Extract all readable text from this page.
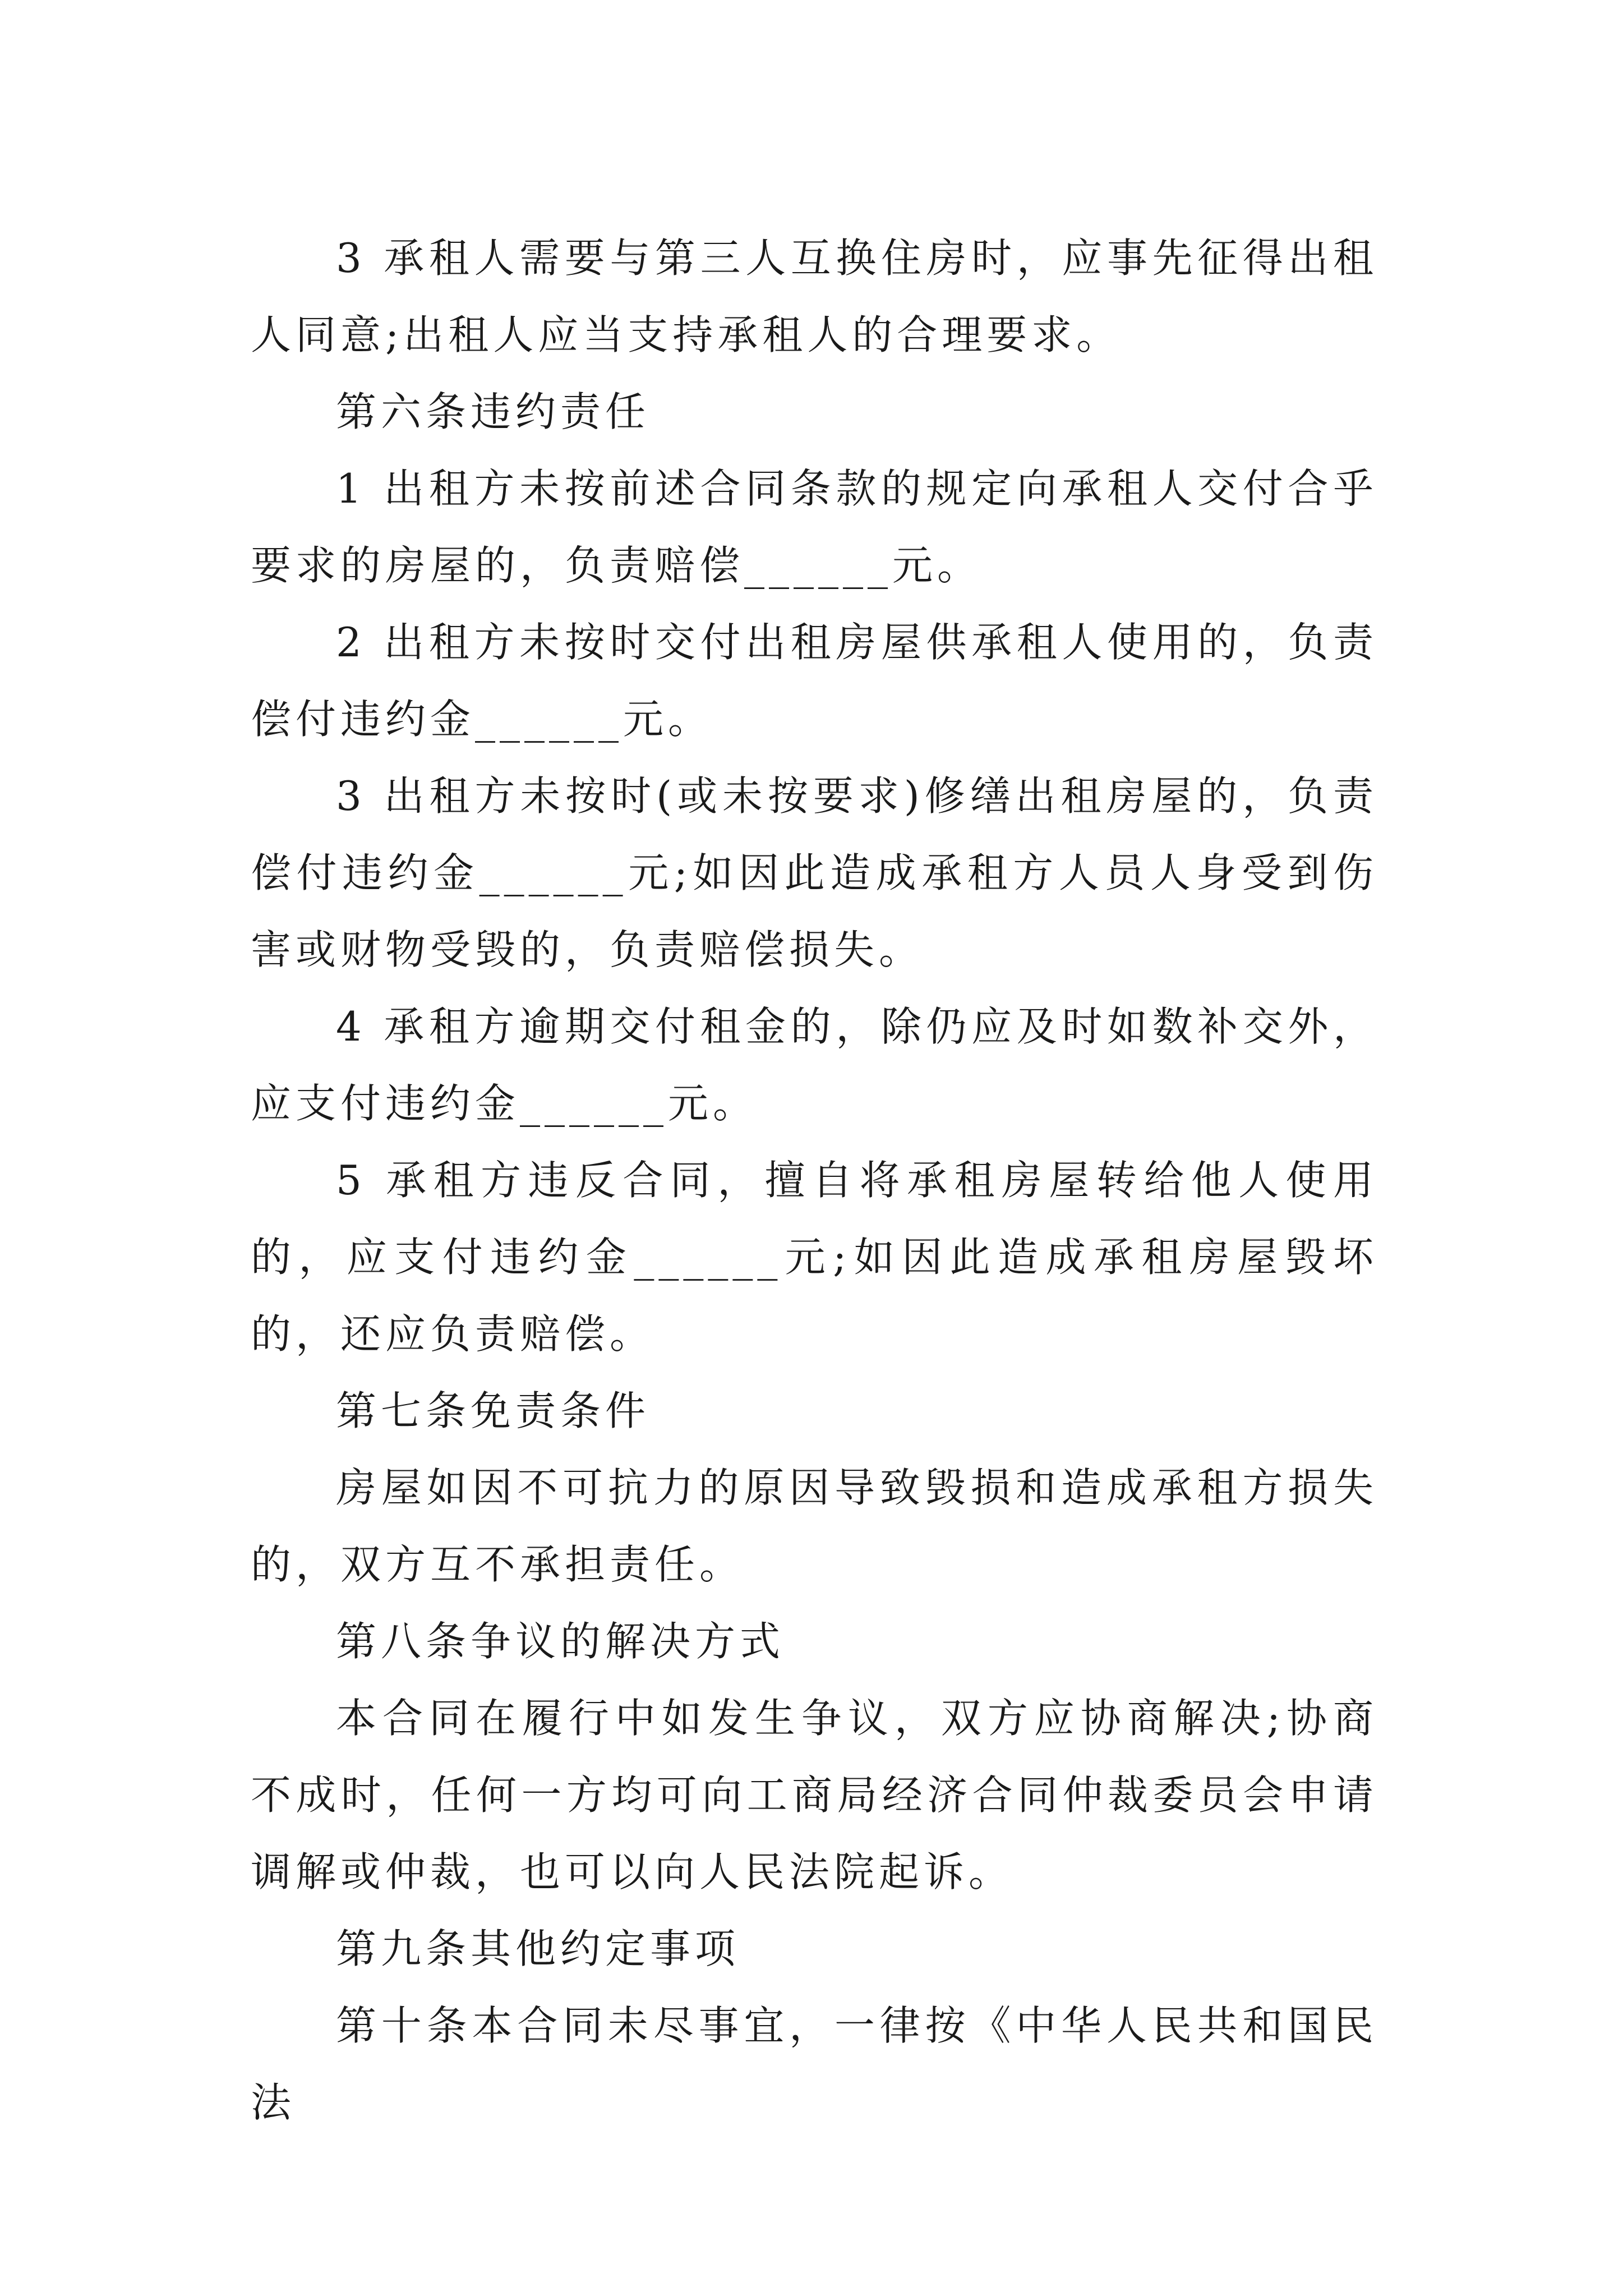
3 承租人需要与第三人互换住房时，应事先征得出租人同意;出租人应当支持承租人的合理要求。

第六条违约责任

1 出租方未按前述合同条款的规定向承租人交付合乎要求的房屋的，负责赔偿______元。

2 出租方未按时交付出租房屋供承租人使用的，负责偿付违约金______元。

3 出租方未按时(或未按要求)修缮出租房屋的，负责偿付违约金______元;如因此造成承租方人员人身受到伤害或财物受毁的，负责赔偿损失。

4 承租方逾期交付租金的，除仍应及时如数补交外，应支付违约金______元。

5 承租方违反合同，擅自将承租房屋转给他人使用的，应支付违约金______元;如因此造成承租房屋毁坏的，还应负责赔偿。

第七条免责条件

房屋如因不可抗力的原因导致毁损和造成承租方损失的，双方互不承担责任。

第八条争议的解决方式

本合同在履行中如发生争议，双方应协商解决;协商不成时，任何一方均可向工商局经济合同仲裁委员会申请调解或仲裁，也可以向人民法院起诉。

第九条其他约定事项

第十条本合同未尽事宜，一律按《中华人民共和国民法
